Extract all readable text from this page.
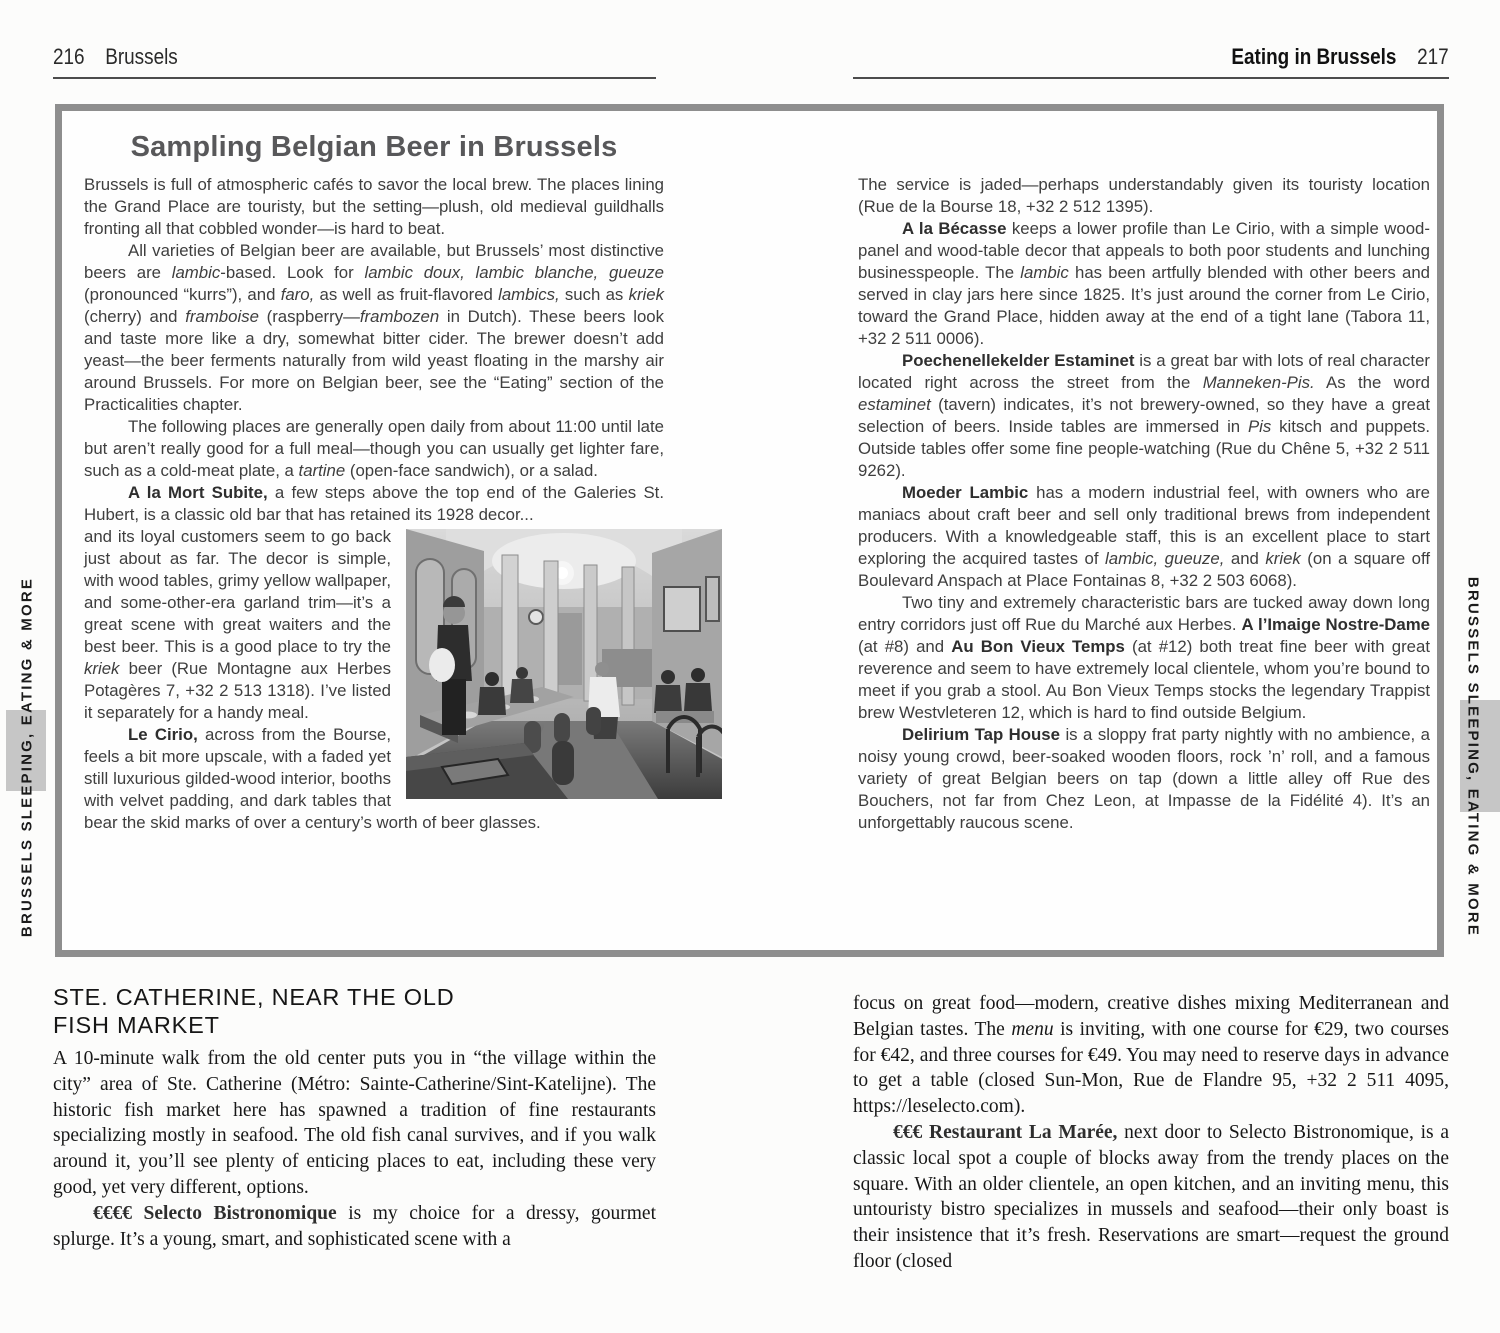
216 Brussels	Eating in Brussels 217
BRUSSELS SLEEPING, EATING & MORE	BRUSSELS SLEEPING, EATING & MORE
Sampling Belgian Beer in Brussels

Brussels is full of atmospheric cafés to savor the local brew. The places lining the Grand Place are touristy, but the setting—plush, old medieval guildhalls fronting all that cobbled wonder—is hard to beat.

All varieties of Belgian beer are available, but Brussels’ most distinctive beers are lambic-based. Look for lambic doux, lambic blanche, gueuze (pronounced “kurrs”), and faro, as well as fruit-flavored lambics, such as kriek (cherry) and framboise (raspberry—frambozen in Dutch). These beers look and taste more like a dry, somewhat bitter cider. The brewer doesn’t add yeast—the beer ferments naturally from wild yeast floating in the marshy air around Brussels. For more on Belgian beer, see the “Eating” section of the Practicalities chapter.

The following places are generally open daily from about 11:00 until late but aren’t really good for a full meal—though you can usually get lighter fare, such as a cold-meat plate, a tartine (open-face sandwich), or a salad.

A la Mort Subite, a few steps above the top end of the Galeries St. Hubert, is a classic old bar that has retained its 1928 decor...

and its loyal customers seem to go back just about as far. The decor is simple, with wood tables, grimy yellow wallpaper, and some-other-era garland trim—it’s a great scene with great waiters and the best beer. This is a good place to try the kriek beer (Rue Montagne aux Herbes Potagères 7, +32 2 513 1318). I’ve listed it separately for a handy meal.

Le Cirio, across from the Bourse, feels a bit more upscale, with a faded yet still luxurious gilded-wood interior, booths with velvet padding, and dark tables that bear the skid marks of over a century’s worth of beer glasses.

The service is jaded—perhaps understandably given its touristy location (Rue de la Bourse 18, +32 2 512 1395).

A la Bécasse keeps a lower profile than Le Cirio, with a simple wood-panel and wood-table decor that appeals to both poor students and lunching businesspeople. The lambic has been artfully blended with other beers and served in clay jars here since 1825. It’s just around the corner from Le Cirio, toward the Grand Place, hidden away at the end of a tight lane (Tabora 11, +32 2 511 0006).

Poechenellekelder Estaminet is a great bar with lots of real character located right across the street from the Manneken-Pis. As the word estaminet (tavern) indicates, it’s not brewery-owned, so they have a great selection of beers. Inside tables are immersed in Pis kitsch and puppets. Outside tables offer some fine people-watching (Rue du Chêne 5, +32 2 511 9262).

Moeder Lambic has a modern industrial feel, with owners who are maniacs about craft beer and sell only traditional brews from independent producers. With a knowledgeable staff, this is an excellent place to start exploring the acquired tastes of lambic, gueuze, and kriek (on a square off Boulevard Anspach at Place Fontainas 8, +32 2 503 6068).

Two tiny and extremely characteristic bars are tucked away down long entry corridors just off Rue du Marché aux Herbes. A l’Imaige Nostre-Dame (at #8) and Au Bon Vieux Temps (at #12) both treat fine beer with great reverence and seem to have extremely local clientele, whom you’re bound to meet if you grab a stool. Au Bon Vieux Temps stocks the legendary Trappist brew Westvleteren 12, which is hard to find outside Belgium.

Delirium Tap House is a sloppy frat party nightly with no ambience, a noisy young crowd, beer-soaked wooden floors, rock ’n’ roll, and a famous variety of great Belgian beers on tap (down a little alley off Rue des Bouchers, not far from Chez Leon, at Impasse de la Fidélité 4). It’s an unforgettably raucous scene.

STE. CATHERINE, NEAR THE OLD
FISH MARKET

A 10-minute walk from the old center puts you in “the village within the city” area of Ste. Catherine (Métro: Sainte-Catherine/Sint-Katelijne). The historic fish market here has spawned a tradition of fine restaurants specializing mostly in seafood. The old fish canal survives, and if you walk around it, you’ll see plenty of enticing places to eat, including these very good, yet very different, options.

€€€€ Selecto Bistronomique is my choice for a dressy, gourmet splurge. It’s a young, smart, and sophisticated scene with a

focus on great food—modern, creative dishes mixing Mediterranean and Belgian tastes. The menu is inviting, with one course for €29, two courses for €42, and three courses for €49. You may need to reserve days in advance to get a table (closed Sun-Mon, Rue de Flandre 95, +32 2 511 4095, https://leselecto.com).

€€€ Restaurant La Marée, next door to Selecto Bistronomique, is a classic local spot a couple of blocks away from the trendy places on the square. With an older clientele, an open kitchen, and an inviting menu, this untouristy bistro specializes in mussels and seafood—their only boast is their insistence that it’s fresh. Reservations are smart—request the ground floor (closed
